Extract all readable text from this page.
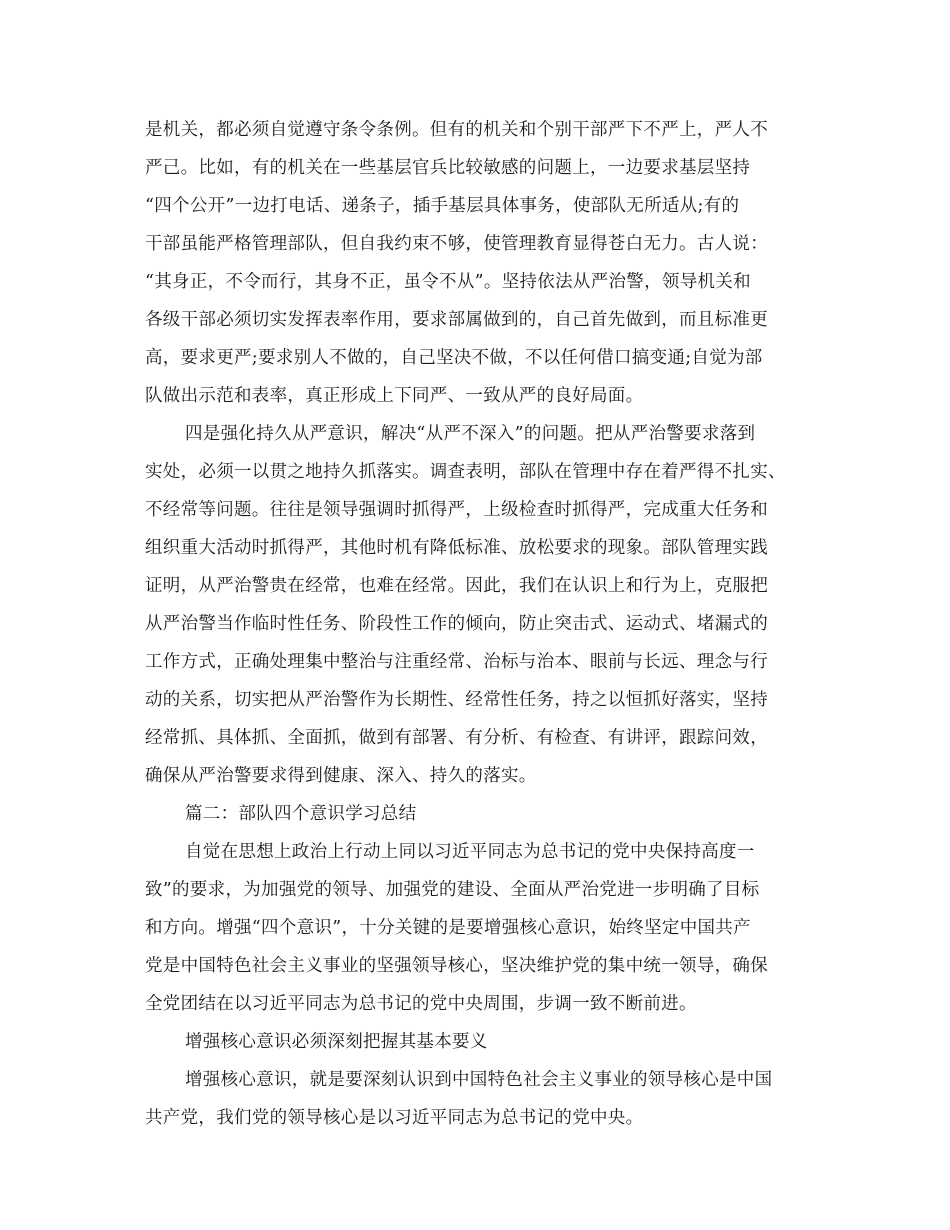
是机关，都必须自觉遵守条令条例。但有的机关和个别干部严下不严上，严人不
严己。比如，有的机关在一些基层官兵比较敏感的问题上，一边要求基层坚持
“四个公开”一边打电话、递条子，插手基层具体事务，使部队无所适从;有的
干部虽能严格管理部队，但自我约束不够，使管理教育显得苍白无力。古人说：
“其身正，不令而行，其身不正，虽令不从”。坚持依法从严治警，领导机关和
各级干部必须切实发挥表率作用，要求部属做到的，自己首先做到，而且标准更
高，要求更严;要求别人不做的，自己坚决不做，不以任何借口搞变通;自觉为部
队做出示范和表率，真正形成上下同严、一致从严的良好局面。
四是强化持久从严意识，解决“从严不深入”的问题。把从严治警要求落到
实处，必须一以贯之地持久抓落实。调查表明，部队在管理中存在着严得不扎实、
不经常等问题。往往是领导强调时抓得严，上级检查时抓得严，完成重大任务和
组织重大活动时抓得严，其他时机有降低标准、放松要求的现象。部队管理实践
证明，从严治警贵在经常，也难在经常。因此，我们在认识上和行为上，克服把
从严治警当作临时性任务、阶段性工作的倾向，防止突击式、运动式、堵漏式的
工作方式，正确处理集中整治与注重经常、治标与治本、眼前与长远、理念与行
动的关系，切实把从严治警作为长期性、经常性任务，持之以恒抓好落实，坚持
经常抓、具体抓、全面抓，做到有部署、有分析、有检查、有讲评，跟踪问效，
确保从严治警要求得到健康、深入、持久的落实。
篇二：部队四个意识学习总结
自觉在思想上政治上行动上同以习近平同志为总书记的党中央保持高度一
致”的要求，为加强党的领导、加强党的建设、全面从严治党进一步明确了目标
和方向。增强“四个意识”，十分关键的是要增强核心意识，始终坚定中国共产
党是中国特色社会主义事业的坚强领导核心，坚决维护党的集中统一领导，确保
全党团结在以习近平同志为总书记的党中央周围，步调一致不断前进。
增强核心意识必须深刻把握其基本要义
增强核心意识，就是要深刻认识到中国特色社会主义事业的领导核心是中国
共产党，我们党的领导核心是以习近平同志为总书记的党中央。
